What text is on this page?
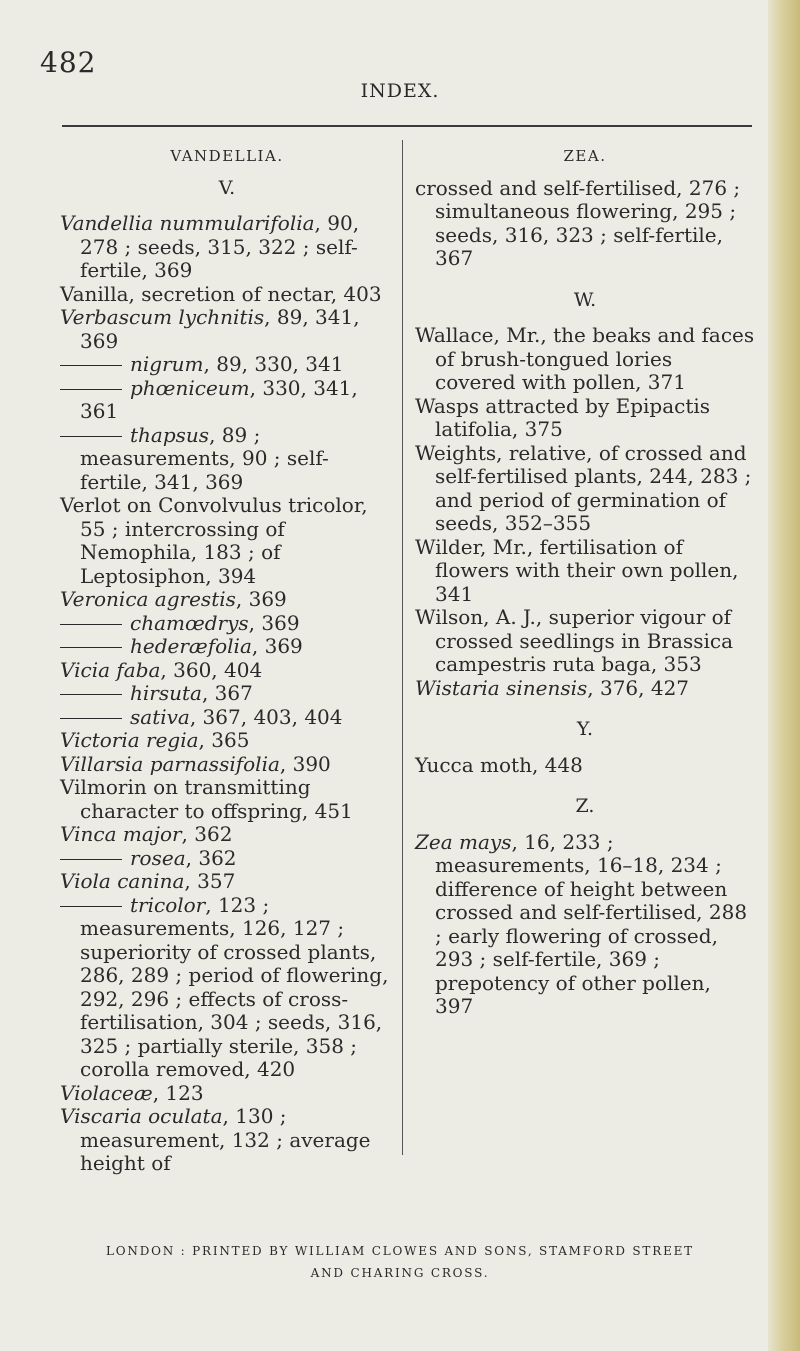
482
INDEX.
VANDELLIA.
V.

Vandellia nummularifolia, 90, 278 ; seeds, 315, 322 ; self-fertile, 369

Vanilla, secretion of nectar, 403

Verbascum lychnitis, 89, 341, 369

nigrum, 89, 330, 341

phœniceum, 330, 341, 361

thapsus, 89 ; measurements, 90 ; self-fertile, 341, 369

Verlot on Convolvulus tricolor, 55 ; intercrossing of Nemophila, 183 ; of Leptosiphon, 394

Veronica agrestis, 369

chamœdrys, 369

hederæfolia, 369

Vicia faba, 360, 404

hirsuta, 367

sativa, 367, 403, 404

Victoria regia, 365

Villarsia parnassifolia, 390

Vilmorin on transmitting character to offspring, 451

Vinca major, 362

rosea, 362

Viola canina, 357

tricolor, 123 ; measurements, 126, 127 ; superiority of crossed plants, 286, 289 ; period of flowering, 292, 296 ; effects of cross-fertilisation, 304 ; seeds, 316, 325 ; partially sterile, 358 ; corolla removed, 420

Violaceæ, 123

Viscaria oculata, 130 ; measurement, 132 ; average height of

ZEA.

crossed and self-fertilised, 276 ; simultaneous flowering, 295 ; seeds, 316, 323 ; self-fertile, 367

W.

Wallace, Mr., the beaks and faces of brush-tongued lories covered with pollen, 371

Wasps attracted by Epipactis latifolia, 375

Weights, relative, of crossed and self-fertilised plants, 244, 283 ; and period of germination of seeds, 352–355

Wilder, Mr., fertilisation of flowers with their own pollen, 341

Wilson, A. J., superior vigour of crossed seedlings in Brassica campestris ruta baga, 353

Wistaria sinensis, 376, 427

Y.

Yucca moth, 448

Z.

Zea mays, 16, 233 ; measurements, 16–18, 234 ; difference of height between crossed and self-fertilised, 288 ; early flowering of crossed, 293 ; self-fertile, 369 ; prepotency of other pollen, 397

LONDON : PRINTED BY WILLIAM CLOWES AND SONS, STAMFORD STREET
AND CHARING CROSS.
